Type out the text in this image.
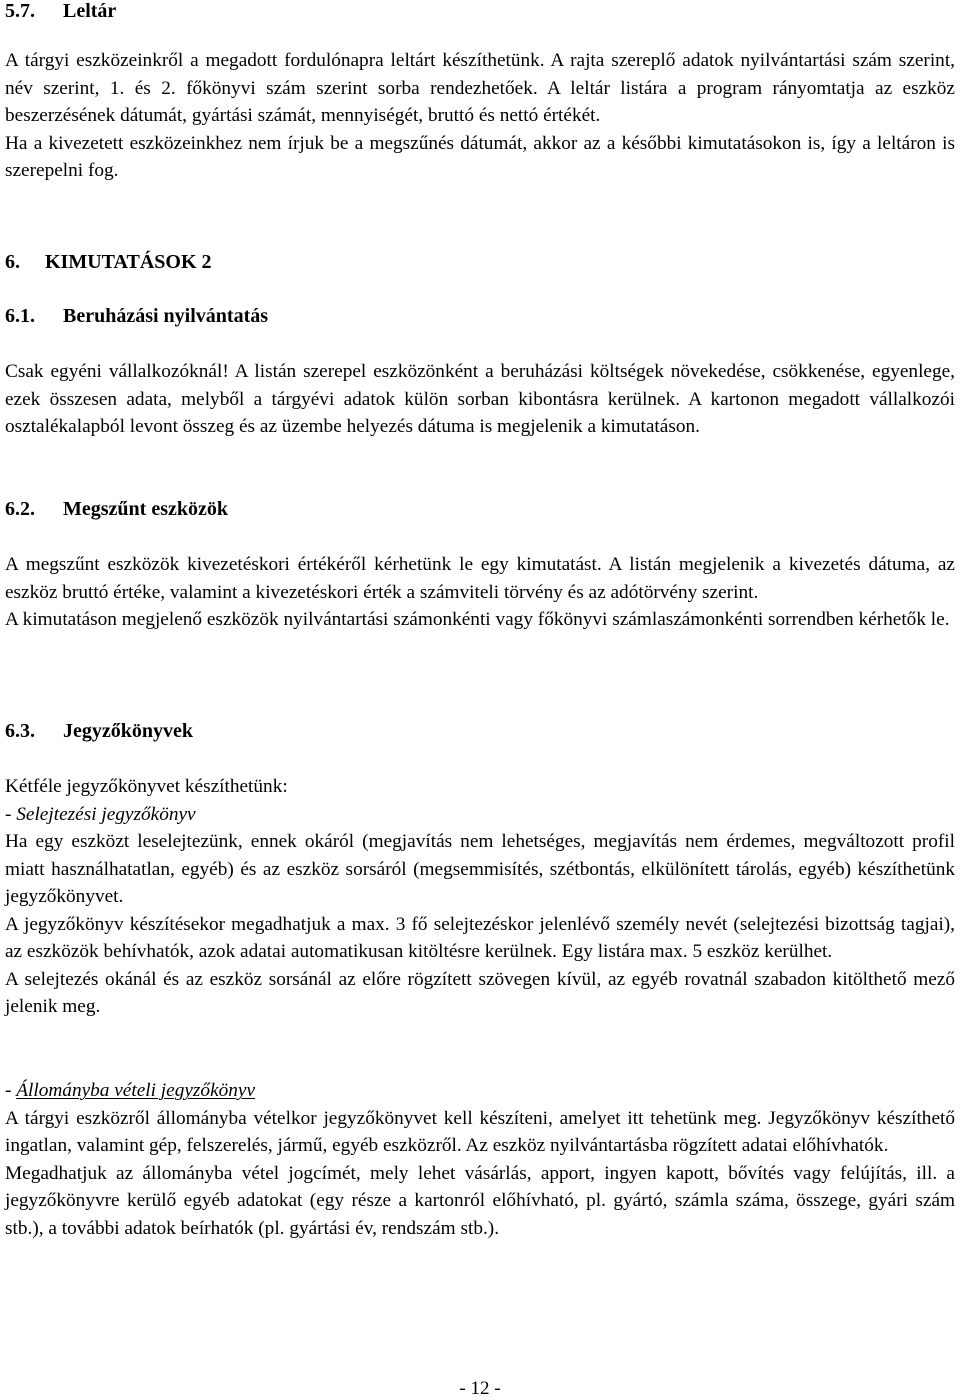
5.7. Leltár

A tárgyi eszközeinkről a megadott fordulónapra leltárt készíthetünk. A rajta szereplő adatok nyilvántartási szám szerint, név szerint, 1. és 2. főkönyvi szám szerint sorba rendezhetőek. A leltár listára a program rányomtatja az eszköz beszerzésének dátumát, gyártási számát, mennyiségét, bruttó és nettó értékét.

Ha a kivezetett eszközeinkhez nem írjuk be a megszűnés dátumát, akkor az a későbbi kimutatásokon is, így a leltáron is szerepelni fog.

6. KIMUTATÁSOK 2
6.1. Beruházási nyilvántatás

Csak egyéni vállalkozóknál! A listán szerepel eszközönként a beruházási költségek növekedése, csökkenése, egyenlege, ezek összesen adata, melyből a tárgyévi adatok külön sorban kibontásra kerülnek. A kartonon megadott vállalkozói osztalékalapból levont összeg és az üzembe helyezés dátuma is megjelenik a kimutatáson.

6.2. Megszűnt eszközök

A megszűnt eszközök kivezetéskori értékéről kérhetünk le egy kimutatást. A listán megjelenik a kivezetés dátuma, az eszköz bruttó értéke, valamint a kivezetéskori érték a számviteli törvény és az adótörvény szerint.

A kimutatáson megjelenő eszközök nyilvántartási számonkénti vagy főkönyvi számlaszámonkénti sorrendben kérhetők le.

6.3. Jegyzőkönyvek

Kétféle jegyzőkönyvet készíthetünk:

- Selejtezési jegyzőkönyv

Ha egy eszközt leselejtezünk, ennek okáról (megjavítás nem lehetséges, megjavítás nem érdemes, megváltozott profil miatt használhatatlan, egyéb) és az eszköz sorsáról (megsemmisítés, szétbontás, elkülönített tárolás, egyéb) készíthetünk jegyzőkönyvet.

A jegyzőkönyv készítésekor megadhatjuk a max. 3 fő selejtezéskor jelenlévő személy nevét (selejtezési bizottság tagjai), az eszközök behívhatók, azok adatai automatikusan kitöltésre kerülnek. Egy listára max. 5 eszköz kerülhet.

A selejtezés okánál és az eszköz sorsánál az előre rögzített szövegen kívül, az egyéb rovatnál szabadon kitölthető mező jelenik meg.

- Állományba vételi jegyzőkönyv

A tárgyi eszközről állományba vételkor jegyzőkönyvet kell készíteni, amelyet itt tehetünk meg. Jegyzőkönyv készíthető ingatlan, valamint gép, felszerelés, jármű, egyéb eszközről. Az eszköz nyilvántartásba rögzített adatai előhívhatók.

Megadhatjuk az állományba vétel jogcímét, mely lehet vásárlás, apport, ingyen kapott, bővítés vagy felújítás, ill. a jegyzőkönyvre kerülő egyéb adatokat (egy része a kartonról előhívható, pl. gyártó, számla száma, összege, gyári szám stb.), a további adatok beírhatók (pl. gyártási év, rendszám stb.).

- 12 -
